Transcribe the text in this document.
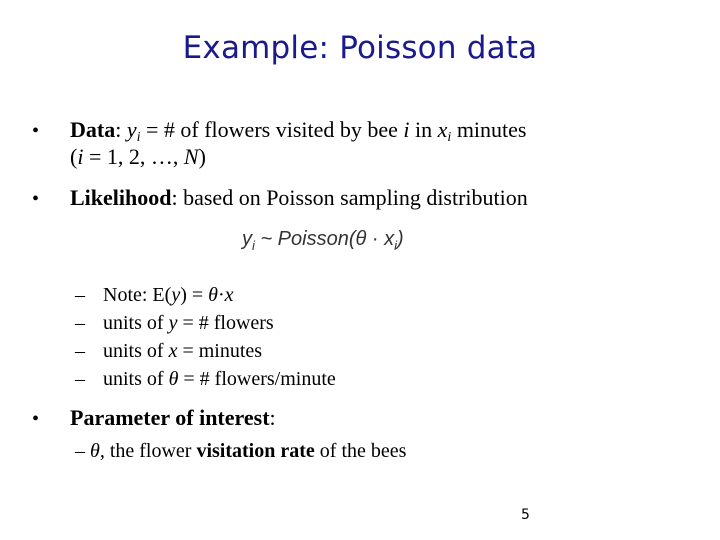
Example: Poisson data
• Data: $y_i$ = # of flowers visited by bee i in $x_i$ minutes
(i = 1, 2, …, N)
• Likelihood: based on Poisson sampling distribution
$y_i$ ~ Poisson(θ · $x_i$)
– Note: E(y) = θ·x
– units of y = # flowers
– units of x = minutes
– units of θ = # flowers/minute
• Parameter of interest:
– θ, the flower visitation rate of the bees
5
